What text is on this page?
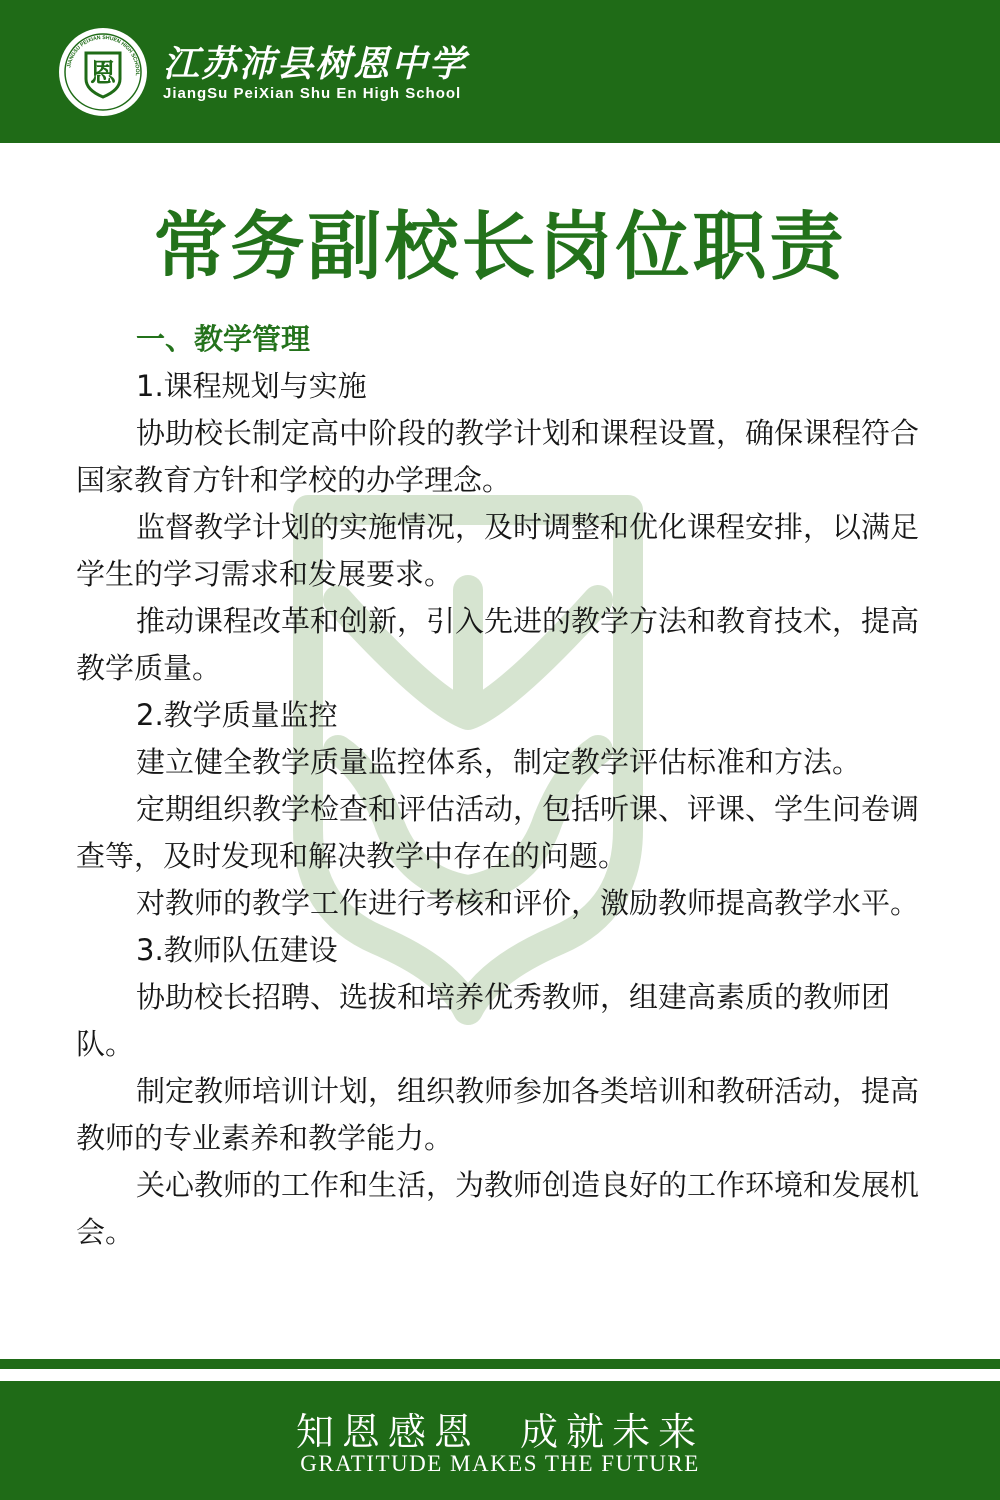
JIANGSU PEIXIAN SHUEN HIGH SCHOOL
恩 江苏沛县树恩中学
JiangSu PeiXian Shu En High School
常务副校长岗位职责

一、教学管理

1.课程规划与实施

协助校长制定高中阶段的教学计划和课程设置，确保课程符合国家教育方针和学校的办学理念。

监督教学计划的实施情况，及时调整和优化课程安排，以满足学生的学习需求和发展要求。

推动课程改革和创新，引入先进的教学方法和教育技术，提高教学质量。

2.教学质量监控

建立健全教学质量监控体系，制定教学评估标准和方法。

定期组织教学检查和评估活动，包括听课、评课、学生问卷调查等，及时发现和解决教学中存在的问题。

对教师的教学工作进行考核和评价，激励教师提高教学水平。

3.教师队伍建设

协助校长招聘、选拔和培养优秀教师，组建高素质的教师团队。

制定教师培训计划，组织教师参加各类培训和教研活动，提高教师的专业素养和教学能力。

关心教师的工作和生活，为教师创造良好的工作环境和发展机会。

知恩感恩  成就未来
GRATITUDE MAKES THE FUTURE
